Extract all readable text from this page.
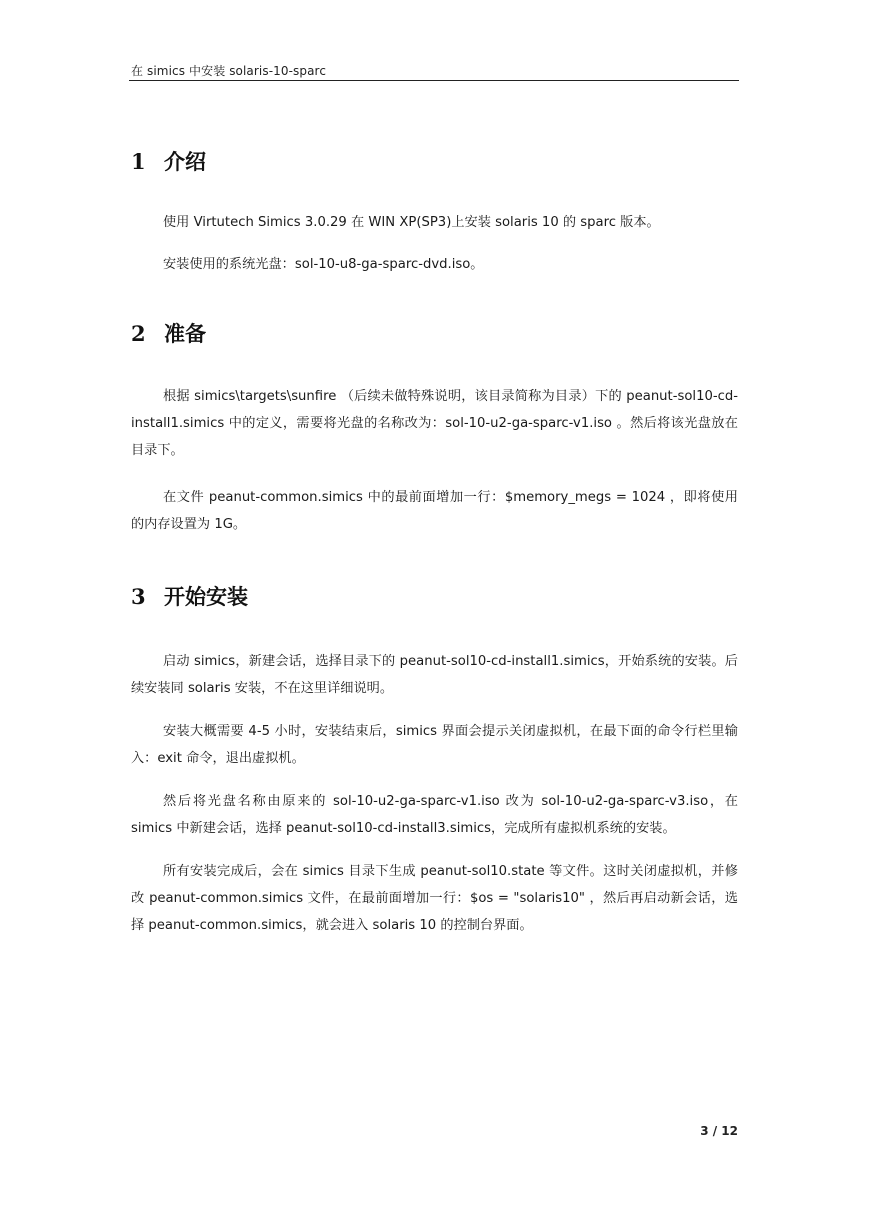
在 simics 中安装 solaris-10-sparc
1 介绍

使用 Virtutech Simics 3.0.29 在 WIN XP(SP3)上安装 solaris 10 的 sparc 版本。

安装使用的系统光盘：sol-10-u8-ga-sparc-dvd.iso。

2 准备

根据 simics\targets\sunfire （后续未做特殊说明，该目录简称为目录）下的 peanut-sol10-cd-install1.simics 中的定义，需要将光盘的名称改为：sol-10-u2-ga-sparc-v1.iso 。然后将该光盘放在目录下。

在文件 peanut-common.simics 中的最前面增加一行：$memory_megs = 1024 ，即将使用的内存设置为 1G。

3 开始安装

启动 simics，新建会话，选择目录下的 peanut-sol10-cd-install1.simics，开始系统的安装。后续安装同 solaris 安装，不在这里详细说明。

安装大概需要 4-5 小时，安装结束后，simics 界面会提示关闭虚拟机，在最下面的命令行栏里输入：exit 命令，退出虚拟机。

然后将光盘名称由原来的 sol-10-u2-ga-sparc-v1.iso 改为 sol-10-u2-ga-sparc-v3.iso，在 simics 中新建会话，选择 peanut-sol10-cd-install3.simics，完成所有虚拟机系统的安装。

所有安装完成后，会在 simics 目录下生成 peanut-sol10.state 等文件。这时关闭虚拟机，并修改 peanut-common.simics 文件，在最前面增加一行：$os = "solaris10" ，然后再启动新会话，选择 peanut-common.simics，就会进入 solaris 10 的控制台界面。

3 / 12
